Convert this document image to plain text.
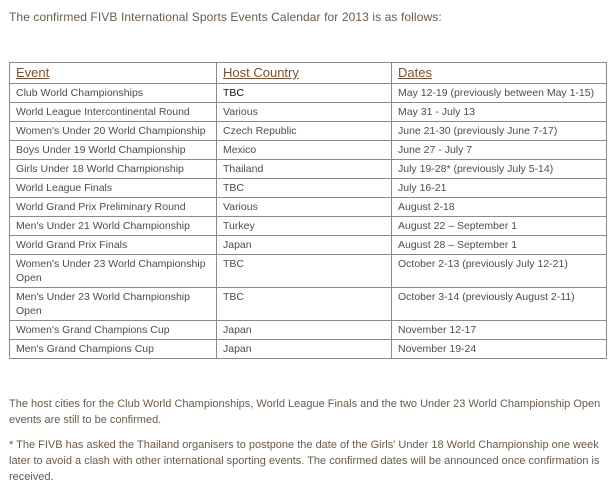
The confirmed FIVB International Sports Events Calendar for 2013 is as follows:
Event	Host Country	Dates
Club World Championships	TBC	May 12-19 (previously between May 1-15)
World League Intercontinental Round	Various	May 31 - July 13
Women's Under 20 World Championship	Czech Republic	June 21-30 (previously June 7-17)
Boys Under 19 World Championship	Mexico	June 27 - July 7
Girls Under 18 World Championship	Thailand	July 19-28* (previously July 5-14)
World League Finals	TBC	July 16-21
World Grand Prix Preliminary Round	Various	August 2-18
Men's Under 21 World Championship	Turkey	August 22 – September 1
World Grand Prix Finals	Japan	August 28 – September 1
Women's Under 23 World Championship Open	TBC	October 2-13 (previously July 12-21)
Men's Under 23 World Championship Open	TBC	October 3-14 (previously August 2-11)
Women's Grand Champions Cup	Japan	November 12-17
Men's Grand Champions Cup	Japan	November 19-24
The host cities for the Club World Championships, World League Finals and the two Under 23 World Championship Open events are still to be confirmed.
* The FIVB has asked the Thailand organisers to postpone the date of the Girls' Under 18 World Championship one week later to avoid a clash with other international sporting events. The confirmed dates will be announced once confirmation is received.
